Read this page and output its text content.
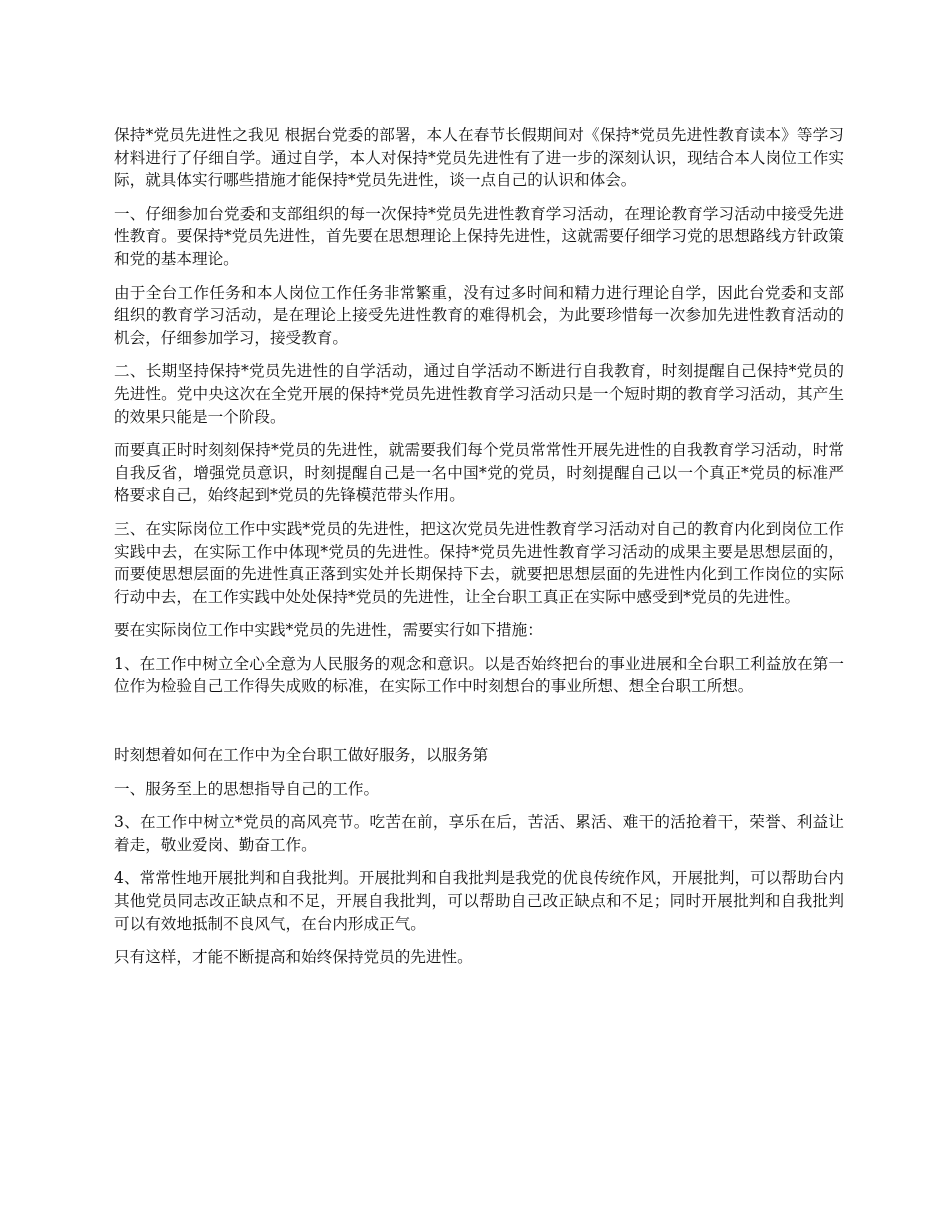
保持*党员先进性之我见 根据台党委的部署，本人在春节长假期间对《保持*党员先进性教育读本》等学习材料进行了仔细自学。通过自学，本人对保持*党员先进性有了进一步的深刻认识，现结合本人岗位工作实际，就具体实行哪些措施才能保持*党员先进性，谈一点自己的认识和体会。

一、仔细参加台党委和支部组织的每一次保持*党员先进性教育学习活动，在理论教育学习活动中接受先进性教育。要保持*党员先进性，首先要在思想理论上保持先进性，这就需要仔细学习党的思想路线方针政策和党的基本理论。

由于全台工作任务和本人岗位工作任务非常繁重，没有过多时间和精力进行理论自学，因此台党委和支部组织的教育学习活动，是在理论上接受先进性教育的难得机会，为此要珍惜每一次参加先进性教育活动的机会，仔细参加学习，接受教育。

二、长期坚持保持*党员先进性的自学活动，通过自学活动不断进行自我教育，时刻提醒自己保持*党员的先进性。党中央这次在全党开展的保持*党员先进性教育学习活动只是一个短时期的教育学习活动，其产生的效果只能是一个阶段。

而要真正时时刻刻保持*党员的先进性，就需要我们每个党员常常性开展先进性的自我教育学习活动，时常自我反省，增强党员意识，时刻提醒自己是一名中国*党的党员，时刻提醒自己以一个真正*党员的标准严格要求自己，始终起到*党员的先锋模范带头作用。

三、在实际岗位工作中实践*党员的先进性，把这次党员先进性教育学习活动对自己的教育内化到岗位工作实践中去，在实际工作中体现*党员的先进性。保持*党员先进性教育学习活动的成果主要是思想层面的，而要使思想层面的先进性真正落到实处并长期保持下去，就要把思想层面的先进性内化到工作岗位的实际行动中去，在工作实践中处处保持*党员的先进性，让全台职工真正在实际中感受到*党员的先进性。

要在实际岗位工作中实践*党员的先进性，需要实行如下措施：

1、在工作中树立全心全意为人民服务的观念和意识。以是否始终把台的事业进展和全台职工利益放在第一位作为检验自己工作得失成败的标准，在实际工作中时刻想台的事业所想、想全台职工所想。

时刻想着如何在工作中为全台职工做好服务，以服务第

一、服务至上的思想指导自己的工作。

3、在工作中树立*党员的高风亮节。吃苦在前，享乐在后，苦活、累活、难干的活抢着干，荣誉、利益让着走，敬业爱岗、勤奋工作。

4、常常性地开展批判和自我批判。开展批判和自我批判是我党的优良传统作风，开展批判，可以帮助台内其他党员同志改正缺点和不足，开展自我批判，可以帮助自己改正缺点和不足；同时开展批判和自我批判可以有效地抵制不良风气，在台内形成正气。

只有这样，才能不断提高和始终保持党员的先进性。
